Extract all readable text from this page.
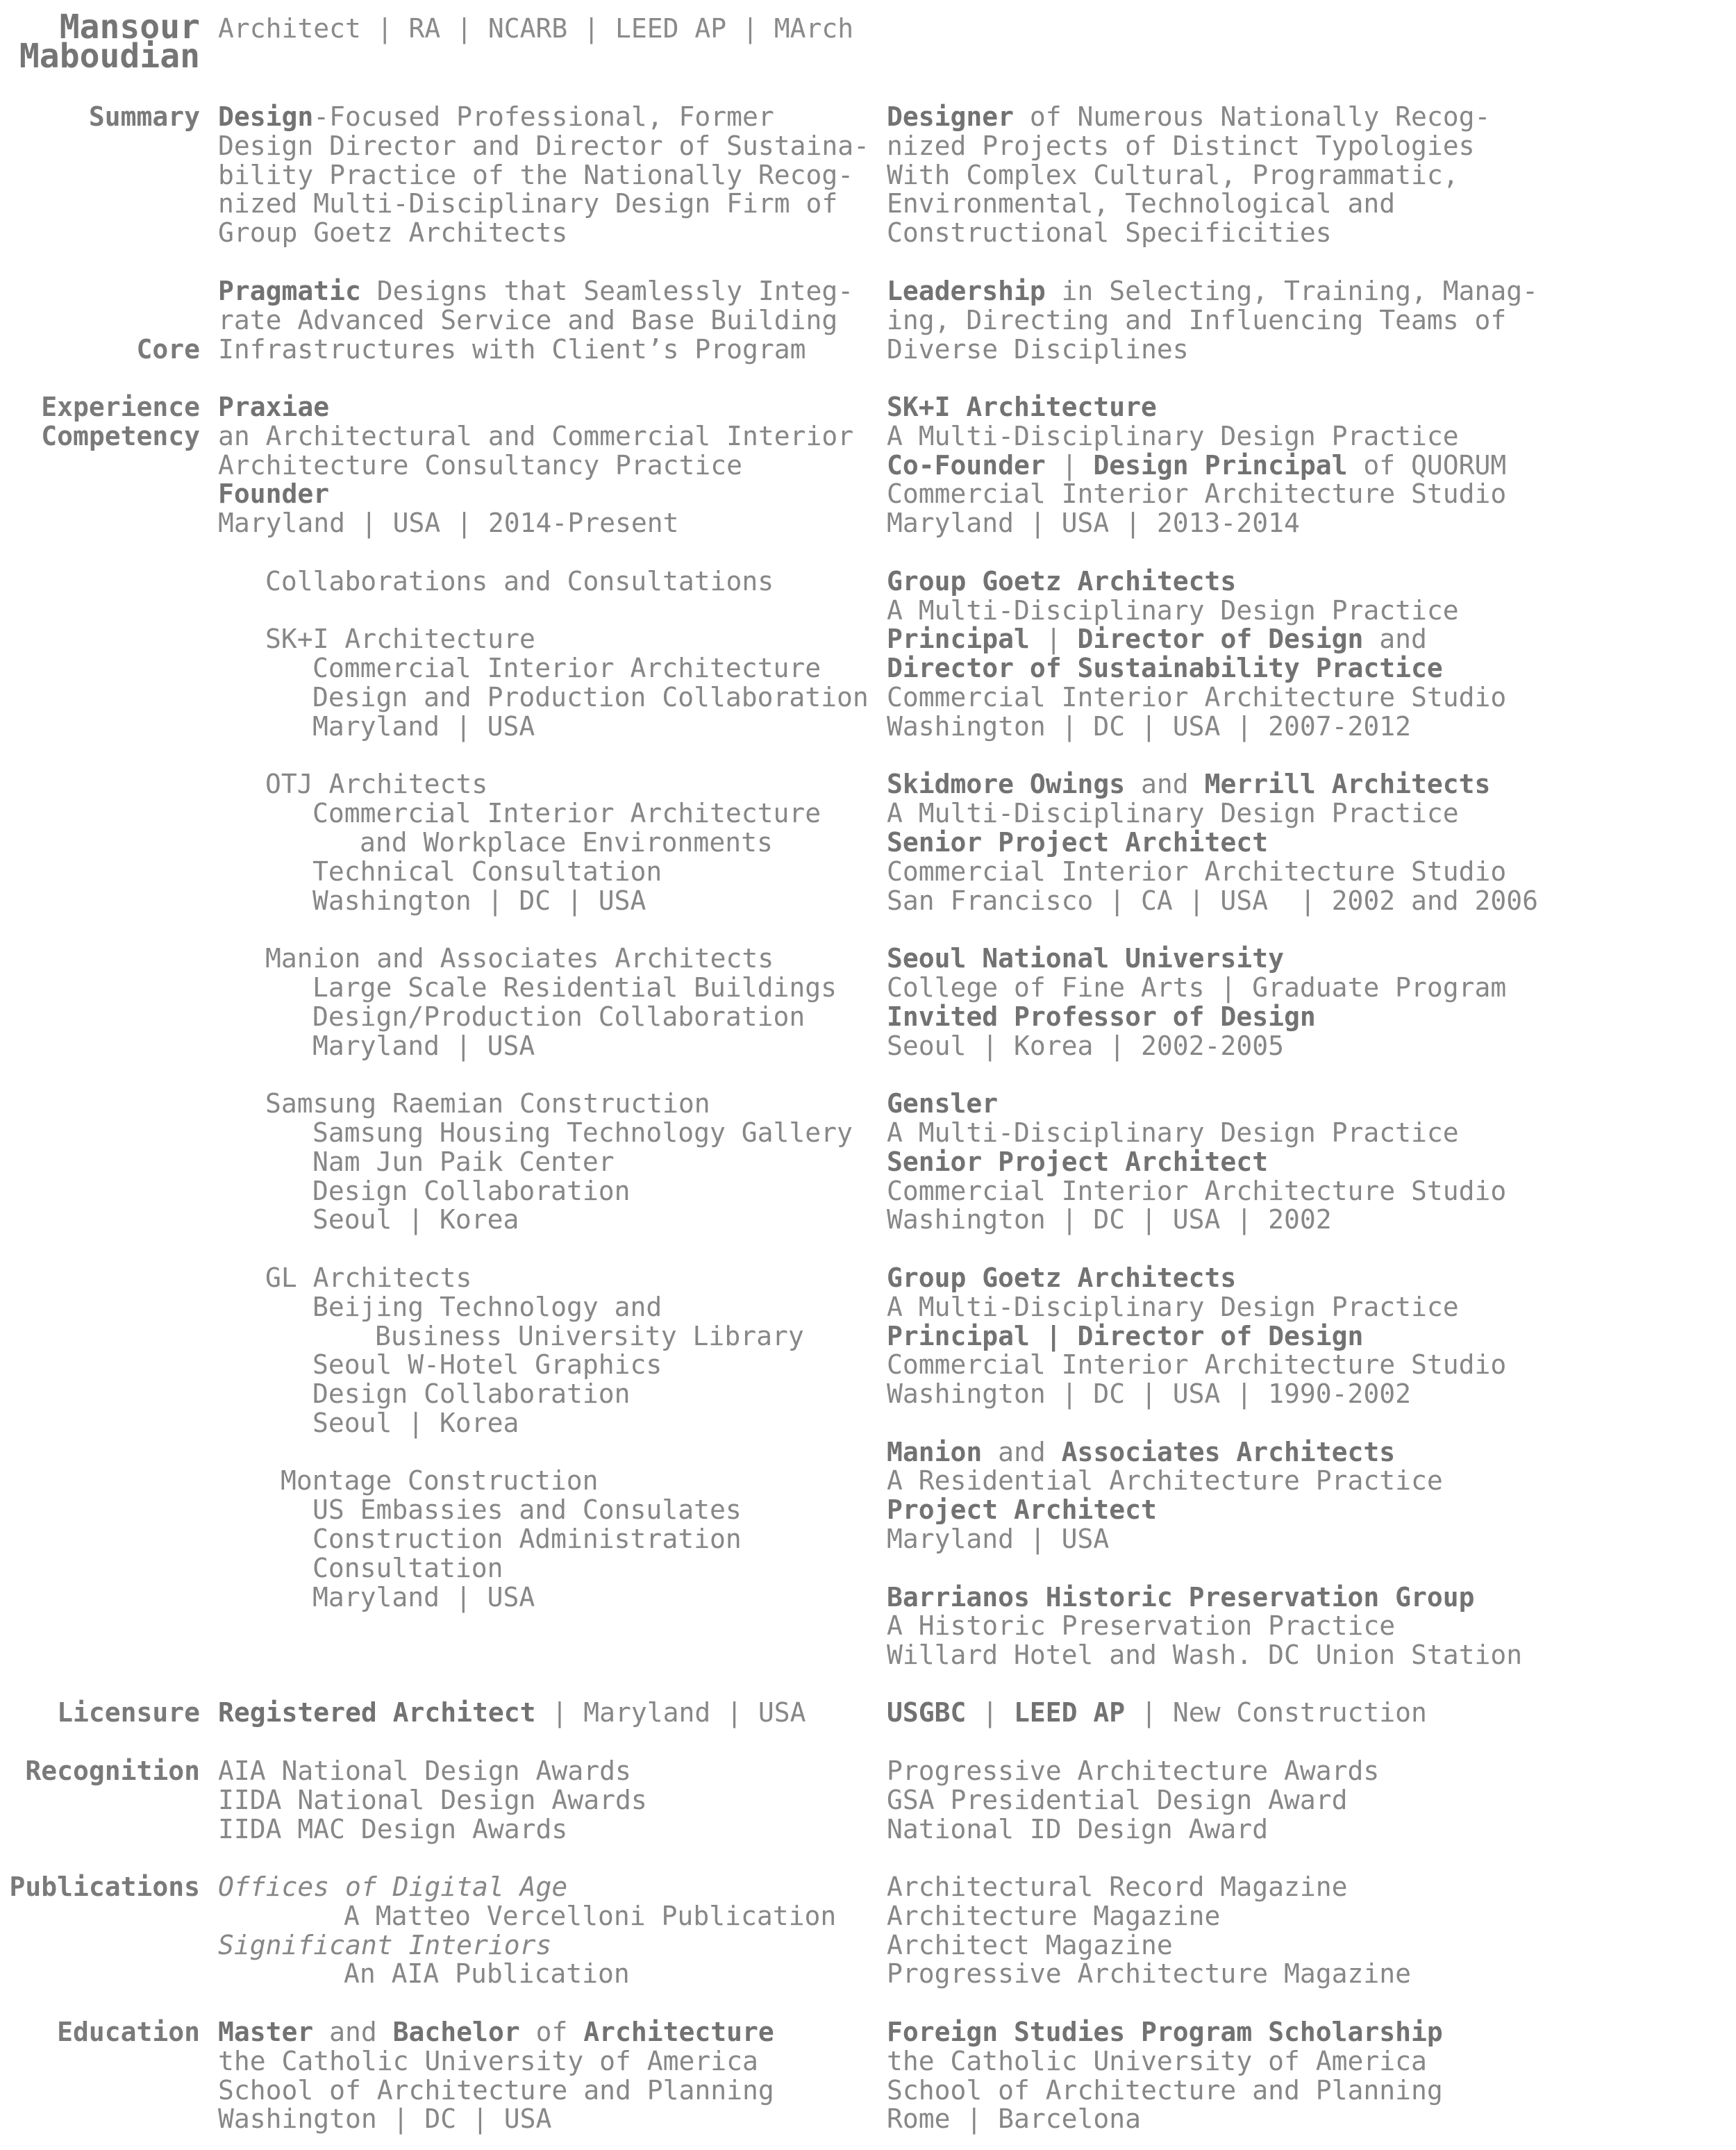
Mansour
Maboudian
Architect | RA | NCARB | LEED AP | MArch
Summary Design-Focused Professional, Former
Design Director and Director of Sustaina-
bility Practice of the Nationally Recog-
nized Multi-Disciplinary Design Firm of
Group Goetz Architects
Designer of Numerous Nationally Recog-
nized Projects of Distinct Typologies
With Complex Cultural, Programmatic,
Environmental, Technological and
Constructional Specificities

Core

Competency

Pragmatic Designs that Seamlessly Integ-
rate Advanced Service and Base Building
Infrastructures with Client’s Program
Leadership in Selecting, Training, Manag-
ing, Directing and Influencing Teams of
Diverse Disciplines
Experience Praxiae
an Architectural and Commercial Interior
Architecture Consultancy Practice
Founder
Maryland | USA | 2014-Present

Collaborations and Consultations

SK+I Architecture
Commercial Interior Architecture
Design and Production Collaboration
Maryland | USA

OTJ Architects
Commercial Interior Architecture
and Workplace Environments
Technical Consultation
Washington | DC | USA

Manion and Associates Architects
Large Scale Residential Buildings
Design/Production Collaboration
Maryland | USA

Samsung Raemian Construction
Samsung Housing Technology Gallery
Nam Jun Paik Center
Design Collaboration
Seoul | Korea

GL Architects
Beijing Technology and
Business University Library
Seoul W-Hotel Graphics
Design Collaboration
Seoul | Korea

Montage Construction
US Embassies and Consulates
Construction Administration
Consultation
Maryland | USA
SK+I Architecture
A Multi-Disciplinary Design Practice
Co-Founder | Design Principal of QUORUM
Commercial Interior Architecture Studio
Maryland | USA | 2013-2014

Group Goetz Architects
A Multi-Disciplinary Design Practice
Principal | Director of Design and
Director of Sustainability Practice
Commercial Interior Architecture Studio
Washington | DC | USA | 2007-2012

Skidmore Owings and Merrill Architects
A Multi-Disciplinary Design Practice
Senior Project Architect
Commercial Interior Architecture Studio
San Francisco | CA | USA  | 2002 and 2006

Seoul National University
College of Fine Arts | Graduate Program
Invited Professor of Design
Seoul | Korea | 2002-2005

Gensler
A Multi-Disciplinary Design Practice
Senior Project Architect
Commercial Interior Architecture Studio
Washington | DC | USA | 2002

Group Goetz Architects
A Multi-Disciplinary Design Practice
Principal | Director of Design
Commercial Interior Architecture Studio
Washington | DC | USA | 1990-2002

Manion and Associates Architects
A Residential Architecture Practice
Project Architect
Maryland | USA

Barrianos Historic Preservation Group
A Historic Preservation Practice
Willard Hotel and Wash. DC Union Station
Licensure Registered Architect | Maryland | USA	USGBC | LEED AP | New Construction
Recognition AIA National Design Awards
IIDA National Design Awards
IIDA MAC Design Awards
Progressive Architecture Awards
GSA Presidential Design Award
National ID Design Award
Publications Offices of Digital Age
A Matteo Vercelloni Publication
Significant Interiors
An AIA Publication
Architectural Record Magazine
Architecture Magazine
Architect Magazine
Progressive Architecture Magazine
Education Master and Bachelor of Architecture
the Catholic University of America
School of Architecture and Planning
Washington | DC | USA
Foreign Studies Program Scholarship
the Catholic University of America
School of Architecture and Planning
Rome | Barcelona
